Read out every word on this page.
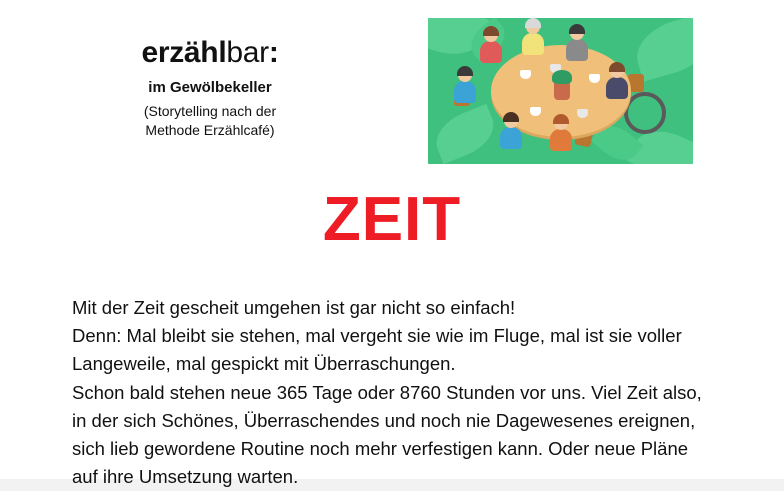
erzählbar:
im Gewölbekeller
(Storytelling nach der
Methode Erzählcafé)
ZEIT

Mit der Zeit gescheit umgehen ist gar nicht so einfach!

Denn: Mal bleibt sie stehen, mal vergeht sie wie im Fluge, mal ist sie voller Langeweile, mal gespickt mit Überraschungen.

Schon bald stehen neue 365 Tage oder 8760 Stunden vor uns. Viel Zeit also, in der sich Schönes, Überraschendes und noch nie Dagewesenes ereignen, sich lieb gewordene Routine noch mehr verfestigen kann. Oder neue Pläne auf ihre Umsetzung warten.
